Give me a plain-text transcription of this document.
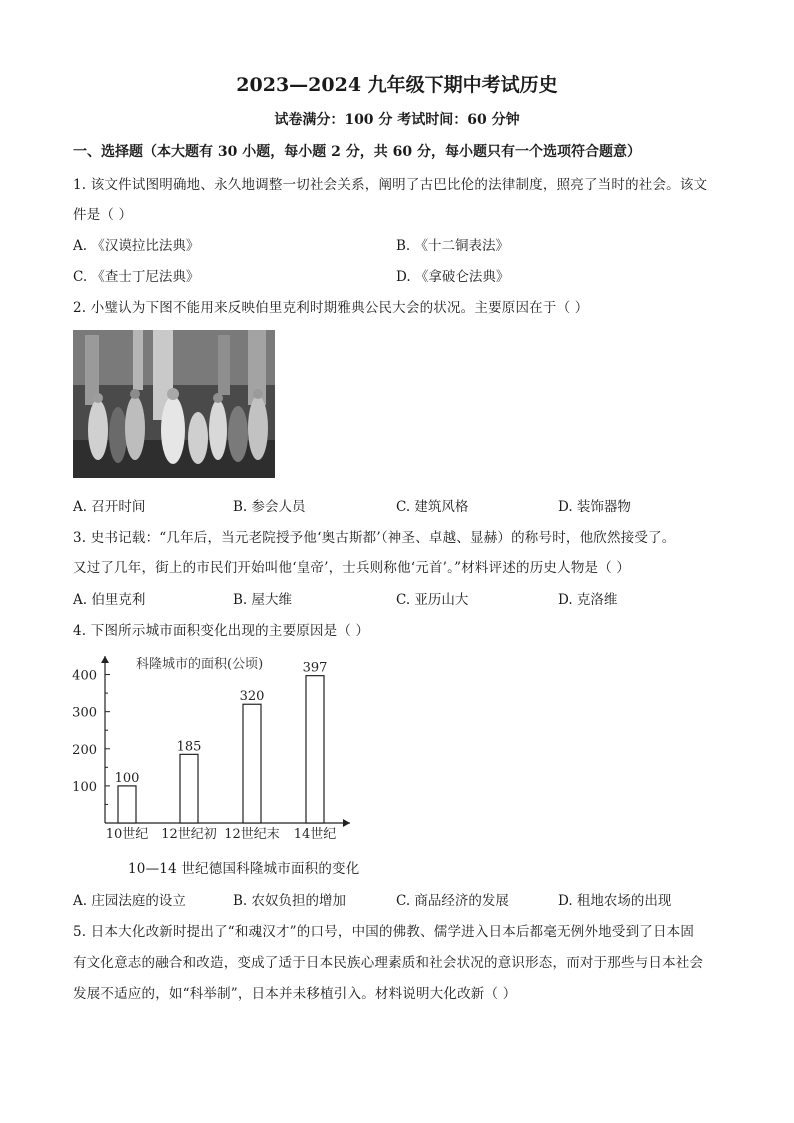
2023—2024 九年级下期中考试历史
试卷满分：100 分 考试时间：60 分钟
一、选择题（本大题有 30 小题，每小题 2 分，共 60 分，每小题只有一个选项符合题意）
1. 该文件试图明确地、永久地调整一切社会关系，阐明了古巴比伦的法律制度，照亮了当时的社会。该文
件是（ ）
A. 《汉谟拉比法典》	B. 《十二铜表法》
C. 《查士丁尼法典》	D. 《拿破仑法典》
2. 小璧认为下图不能用来反映伯里克利时期雅典公民大会的状况。主要原因在于（ ）
A. 召开时间	B. 参会人员	C. 建筑风格	D. 装饰器物
3. 史书记载：“几年后，当元老院授予他‘奥古斯都’（神圣、卓越、显赫）的称号时，他欣然接受了。
又过了几年，街上的市民们开始叫他‘皇帝’，士兵则称他‘元首’。”材料评述的历史人物是（ ）
A. 伯里克利	B. 屋大维	C. 亚历山大	D. 克洛维
4. 下图所示城市面积变化出现的主要原因是（ ）
100
200
300
400
100
10世纪
185
12世纪初
320
12世纪末
397
14世纪
科隆城市的面积(公顷)
10—14 世纪德国科隆城市面积的变化
A. 庄园法庭的设立	B. 农奴负担的增加	C. 商品经济的发展	D. 租地农场的出现
5. 日本大化改新时提出了“和魂汉才”的口号，中国的佛教、儒学进入日本后都毫无例外地受到了日本固
有文化意志的融合和改造，变成了适于日本民族心理素质和社会状况的意识形态，而对于那些与日本社会
发展不适应的，如“科举制”，日本并未移植引入。材料说明大化改新（ ）
